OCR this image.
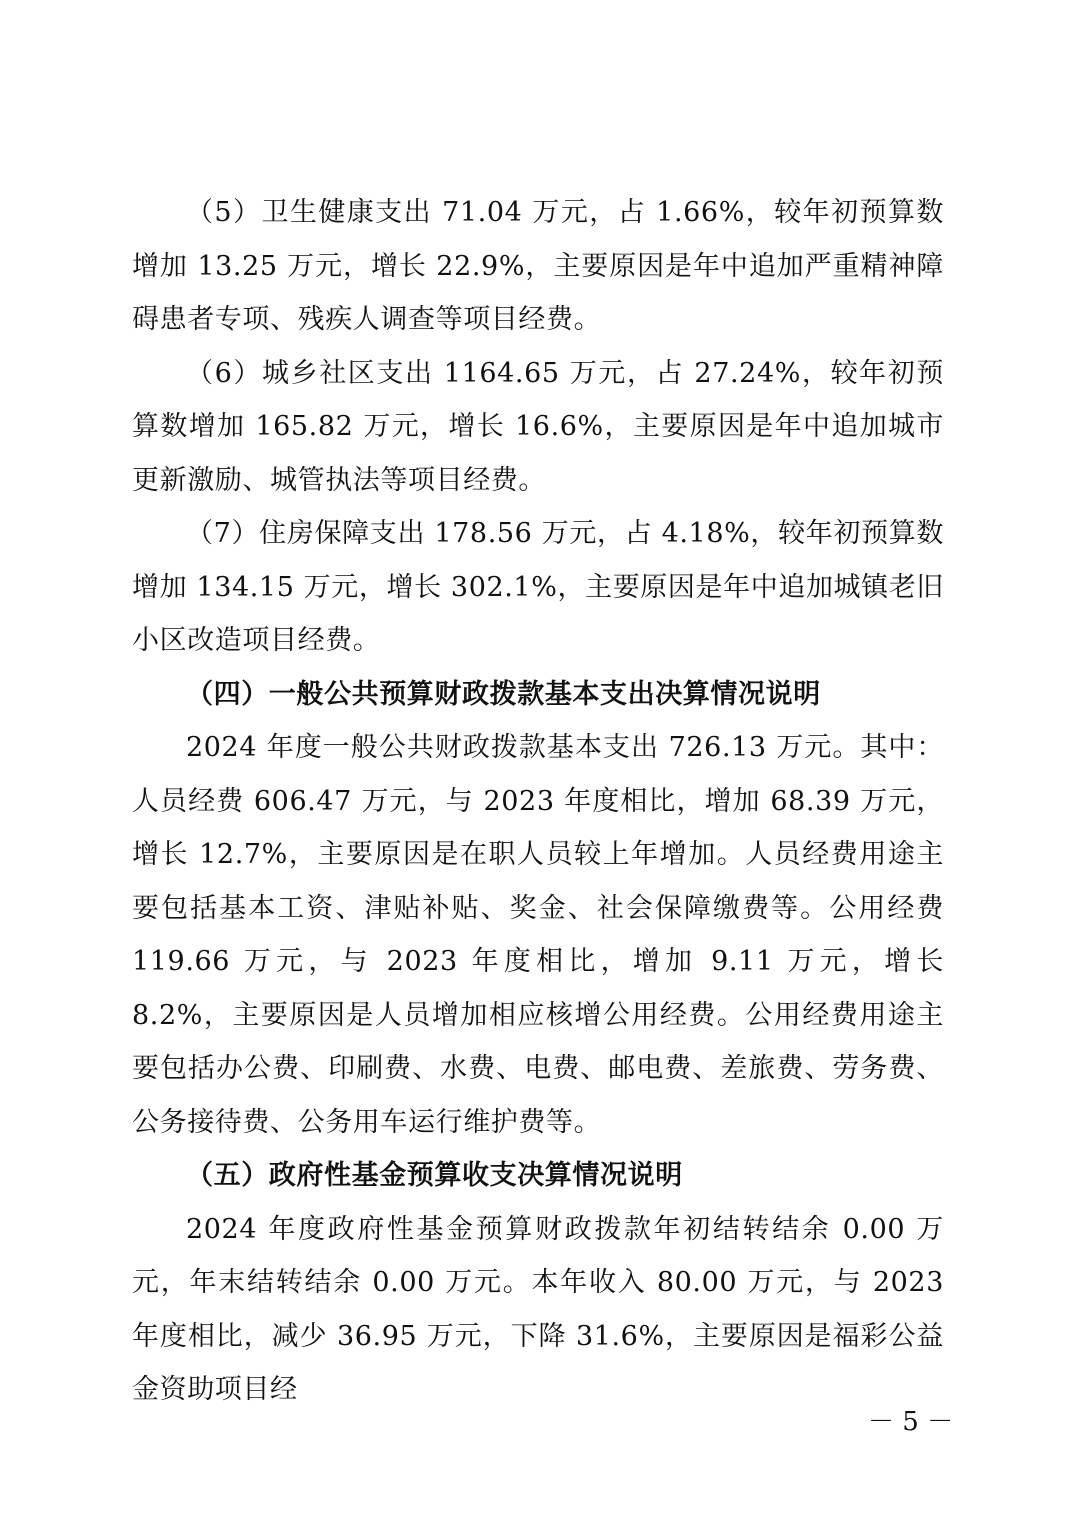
（5）卫生健康支出 71.04 万元，占 1.66%，较年初预算数增加 13.25 万元，增长 22.9%，主要原因是年中追加严重精神障碍患者专项、残疾人调查等项目经费。

（6）城乡社区支出 1164.65 万元，占 27.24%，较年初预算数增加 165.82 万元，增长 16.6%，主要原因是年中追加城市更新激励、城管执法等项目经费。

（7）住房保障支出 178.56 万元，占 4.18%，较年初预算数增加 134.15 万元，增长 302.1%，主要原因是年中追加城镇老旧小区改造项目经费。

（四）一般公共预算财政拨款基本支出决算情况说明

2024 年度一般公共财政拨款基本支出 726.13 万元。其中：人员经费 606.47 万元，与 2023 年度相比，增加 68.39 万元，增长 12.7%，主要原因是在职人员较上年增加。人员经费用途主要包括基本工资、津贴补贴、奖金、社会保障缴费等。公用经费 119.66 万元，与 2023 年度相比，增加 9.11 万元，增长 8.2%，主要原因是人员增加相应核增公用经费。公用经费用途主要包括办公费、印刷费、水费、电费、邮电费、差旅费、劳务费、公务接待费、公务用车运行维护费等。

（五）政府性基金预算收支决算情况说明

2024 年度政府性基金预算财政拨款年初结转结余 0.00 万元，年末结转结余 0.00 万元。本年收入 80.00 万元，与 2023 年度相比，减少 36.95 万元，下降 31.6%，主要原因是福彩公益金资助项目经

－ 5 －
